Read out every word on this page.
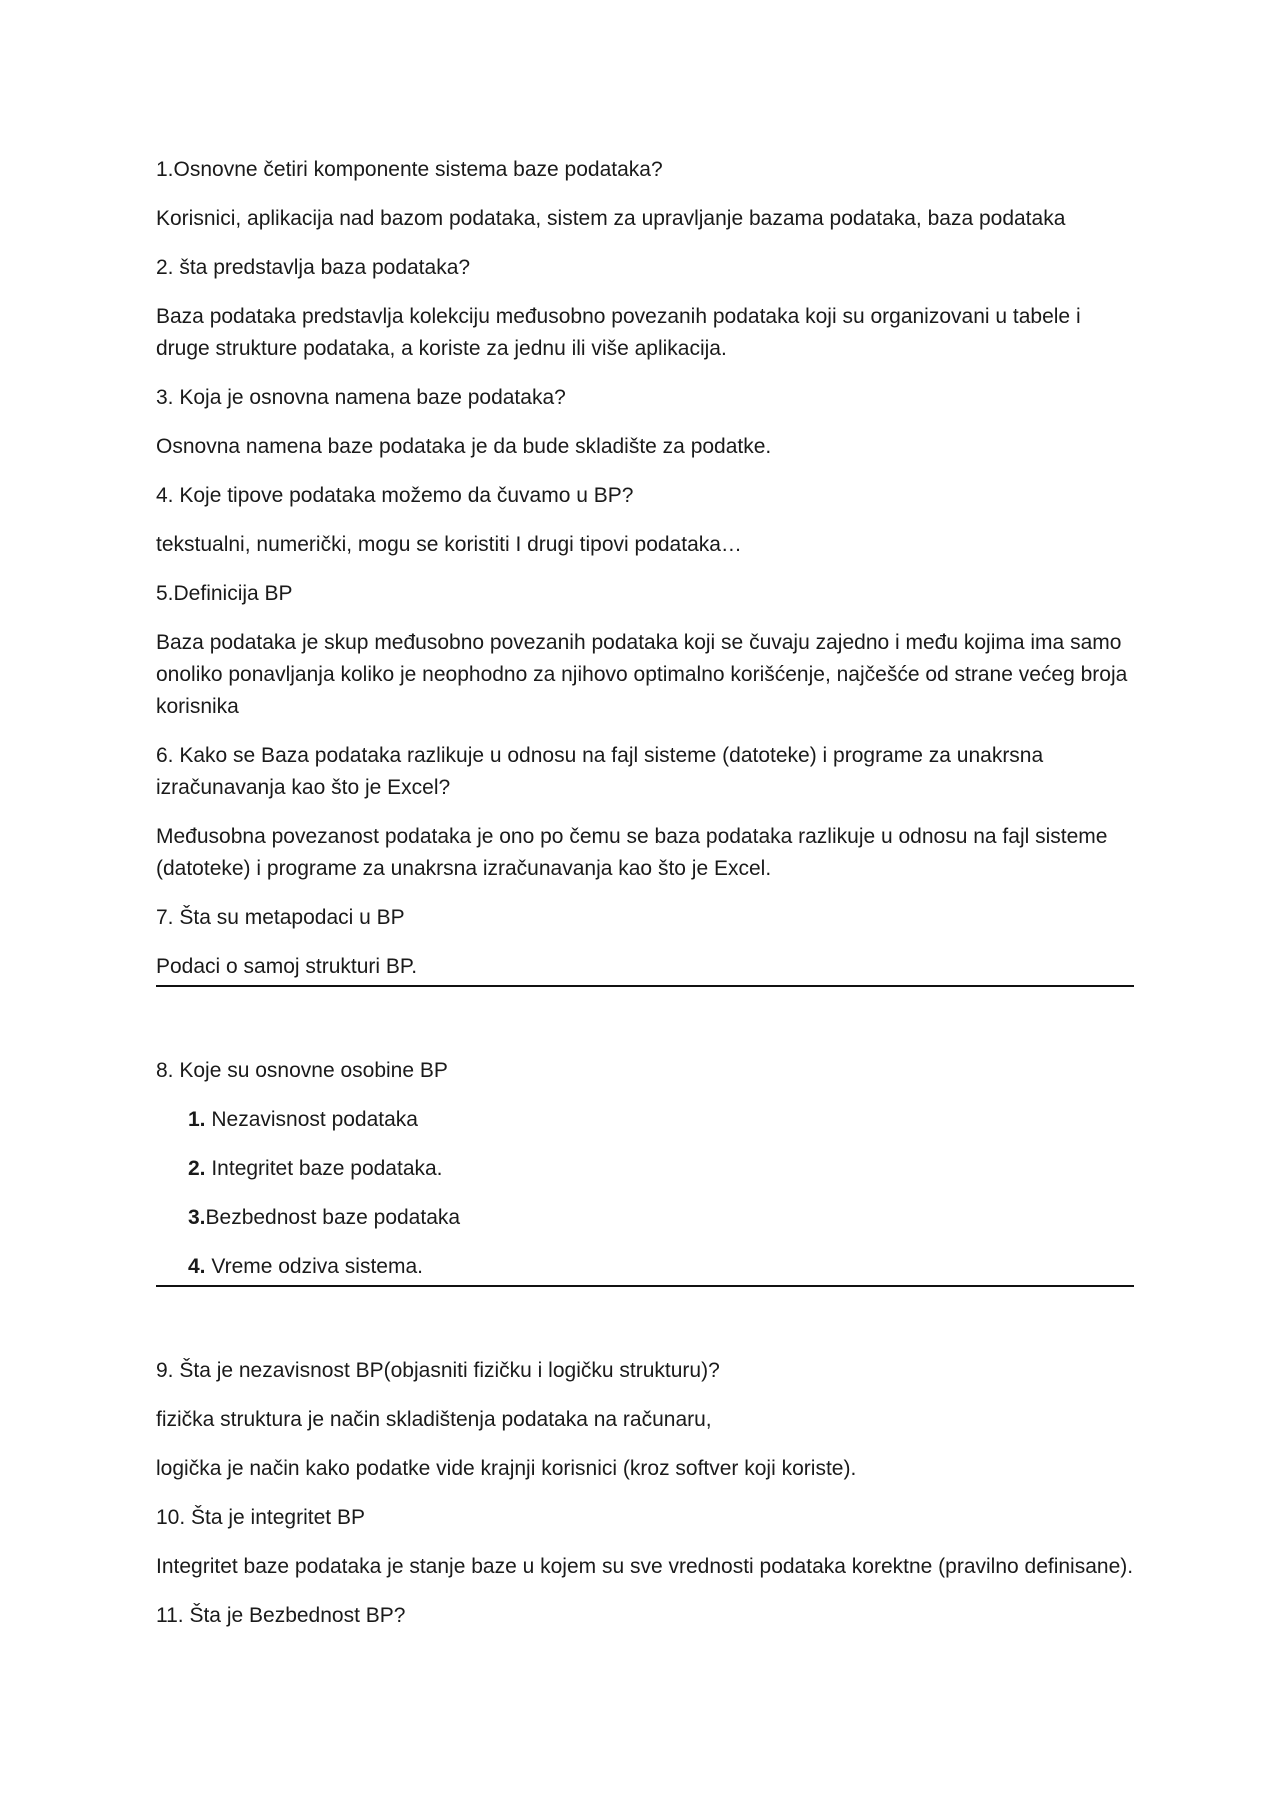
1.Osnovne četiri komponente sistema baze podataka?

Korisnici, aplikacija nad bazom podataka, sistem za upravljanje bazama podataka, baza podataka

2. šta predstavlja baza podataka?

Baza podataka predstavlja kolekciju međusobno povezanih podataka koji su organizovani u tabele i druge strukture podataka, a koriste za jednu ili više aplikacija.

3. Koja je osnovna namena baze podataka?

Osnovna namena baze podataka je da bude skladište za podatke.

4. Koje tipove podataka možemo da čuvamo u BP?

tekstualni, numerički, mogu se koristiti I drugi tipovi podataka…

5.Definicija BP

Baza podataka je skup međusobno povezanih podataka koji se čuvaju zajedno i među kojima ima samo onoliko ponavljanja koliko je neophodno za njihovo optimalno korišćenje, najčešće od strane većeg broja korisnika

6. Kako se Baza podataka razlikuje u odnosu na fajl sisteme (datoteke) i programe za unakrsna izračunavanja kao što je Excel?

Međusobna povezanost podataka je ono po čemu se baza podataka razlikuje u odnosu na fajl sisteme (datoteke) i programe za unakrsna izračunavanja kao što je Excel.

7. Šta su metapodaci u BP

Podaci o samoj strukturi BP.

8. Koje su osnovne osobine BP

1. Nezavisnost podataka

2. Integritet baze podataka.

3.Bezbednost baze podataka

4. Vreme odziva sistema.

9. Šta je nezavisnost BP(objasniti fizičku i logičku strukturu)?

fizička struktura je način skladištenja podataka na računaru,

logička je način kako podatke vide krajnji korisnici (kroz softver koji koriste).

10. Šta je integritet BP

Integritet baze podataka je stanje baze u kojem su sve vrednosti podataka korektne (pravilno definisane).

11. Šta je Bezbednost BP?
